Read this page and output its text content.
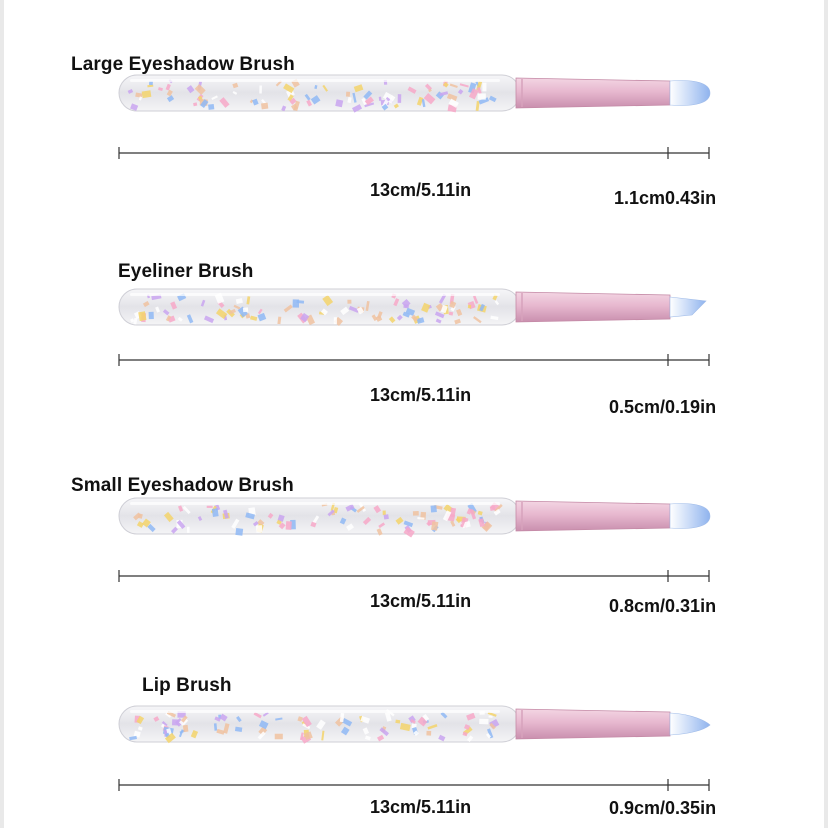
Large Eyeshadow Brush
13cm/5.11in	1.1cm0.43in
Eyeliner Brush
13cm/5.11in
0.5cm/0.19in
Small Eyeshadow Brush
13cm/5.11in	0.8cm/0.31in
Lip Brush
13cm/5.11in	0.9cm/0.35in
